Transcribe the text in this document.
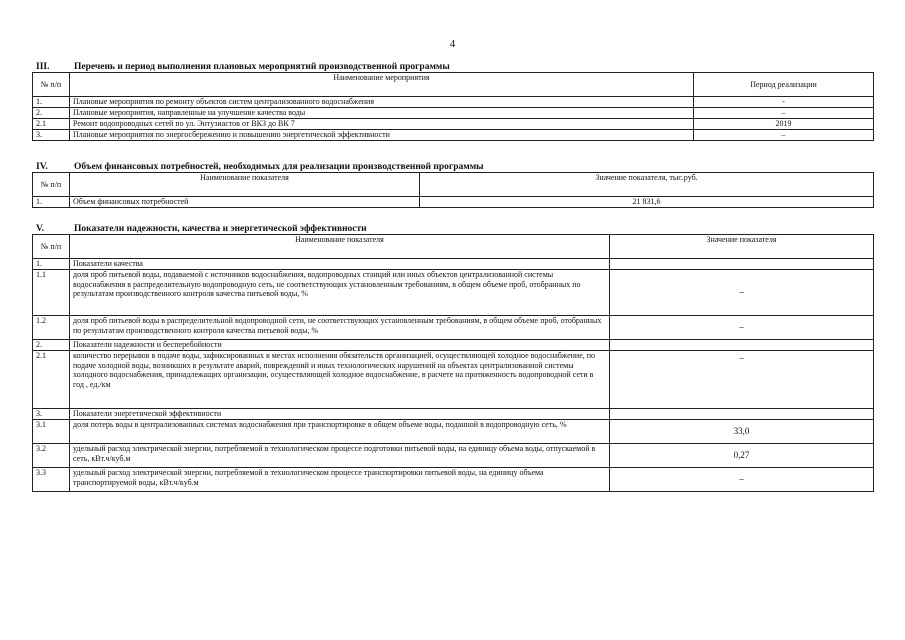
4
III.	Перечень и период выполнения плановых мероприятий производственной программы
№ п/п	Наименование мероприятия	Период реализации
1.	Плановые мероприятия по ремонту объектов систем централизованного водоснабжения	-
2.	Плановые мероприятия, направленные на улучшение качества воды	–
2.1	Ремонт водопроводных сетей по ул. Энтузиастов от ВКЗ до ВК 7	2019
3.	Плановые мероприятия по энергосбережению и повышению энергетической эффективности	–
IV.	Объем финансовых потребностей, необходимых для реализации производственной программы
№ п/п	Наименование показателя	Значение показателя, тыс.руб.
1.	Объем финансовых потребностей	21 831,6
V.	Показатели надежности, качества и энергетической эффективности
№ п/п	Наименование показателя	Значение показателя
1.	Показатели качества	
1.1	доля проб питьевой воды, подаваемой с источников водоснабжения, водопроводных станций или иных объектов централизованной системы водоснабжения в распределительную водопроводную сеть, не соответствующих установленным требованиям, в общем объеме проб, отобранных по результатам производственного контроля качества питьевой воды, %	–
1.2	доля проб питьевой воды в распределительной водопроводной сети, не соответствующих установленным требованиям, в общем объеме проб, отобранных по результатам производственного контроля качества питьевой воды, %	–
2.	Показатели надежности и бесперебойности	
2.1	количество перерывов в подаче воды, зафиксированных в местах исполнения обязательств организацией, осуществляющей холодное водоснабжение, по подаче холодной воды, возникших в результате аварий, повреждений и иных технологических нарушений на объектах централизованной системы холодного водоснабжения, принадлежащих организации, осуществляющей холодное водоснабжение, в расчете на протяженность водопроводной сети в год , ед./км	–
3.	Показатели энергетической эффективности	
3.1	доля потерь воды в централизованных системах водоснабжения при транспортировке в общем объеме воды, поданной в водопроводную сеть, %	33,0
3.2	удельный расход электрической энергии, потребляемой в технологическом процессе подготовки питьевой воды, на единицу объема воды, отпускаемой в сеть, кВт.ч/куб.м	0,27
3.3	удельный расход электрической энергии, потребляемой в технологическом процессе транспортировки питьевой воды, на единицу объема транспортируемой воды, кВт.ч/куб.м	–
